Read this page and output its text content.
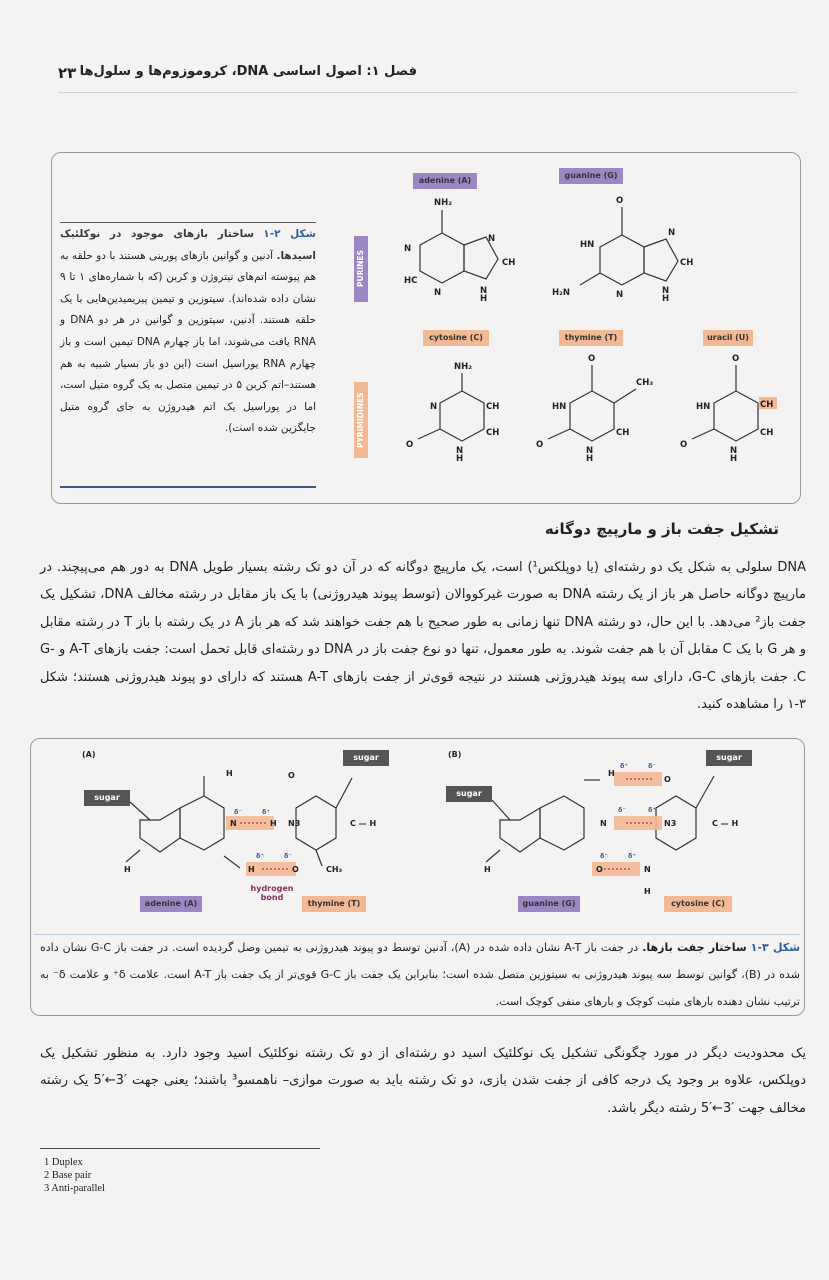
فصل ۱: اصول اساسی DNA، کروموزوم‌ها و سلول‌ها
۲۳
شکل ۲-۱ ساختار بازهای موجود در نوکلئیک اسیدها. آدنین و گوانین بازهای پورینی هستند با دو حلقه به هم پیوسته اتم‌های نیتروژن و کربن (که با شماره‌های ۱ تا ۹ نشان داده شده‌اند). سیتوزین و تیمین پیریمیدین‌هایی با یک حلقه هستند. آدنین، سیتوزین و گوانین در هر دو DNA و RNA یافت می‌شوند، اما باز چهارم DNA تیمین است و باز چهارم RNA یوراسیل است (این دو باز بسیار شبیه به هم هستند–اتم کربن ۵ در تیمین متصل به یک گروه متیل است، اما در یوراسیل یک اتم هیدروژن به جای گروه متیل جایگزین شده است).
PURINES
PYRIMIDINES
adenine (A)
guanine (G)
cytosine (C)	thymine (T)	uracil (U)
NH₂
N
HC
N
N
CH
N
H
O
HN
H₂N	N
N
CH
N
H
NH₂
N	CH
CH
O
N
H
O
CH₃
HN
CH
O
N
H
O
HN	CH
CH
O
N
H
تشکیل جفت باز و مارپیچ دوگانه
DNA سلولی به شکل یک دو رشته‌ای (یا دوپلکس¹) است، یک مارپیچ دوگانه که در آن دو تک رشته بسیار طویل DNA به دور هم می‌پیچند. در مارپیچ دوگانه حاصل هر باز از یک رشته DNA به صورت غیرکووالان (توسط پیوند هیدروژنی) با یک باز مقابل در رشته مخالف DNA، تشکیل یک جفت باز² می‌دهد. با این حال، دو رشته DNA تنها زمانی به طور صحیح با هم جفت خواهند شد که هر باز A در یک رشته با باز T در رشته مقابل و هر G با یک C مقابل آن با هم جفت شوند. به طور معمول، تنها دو نوع جفت باز در DNA دو رشته‌ای قابل تحمل است: جفت بازهای A-T و G-C. جفت بازهای G-C، دارای سه پیوند هیدروژنی هستند در نتیجه قوی‌تر از جفت بازهای A-T هستند که دارای دو پیوند هیدروژنی هستند؛ شکل ۳-۱ را مشاهده کنید.
(A)	(B)
sugar
sugar
sugar
sugar
adenine (A)	thymine (T)	guanine (G)	cytosine (C)
hydrogen bond
H	O
N	H N3	C — H
CH₃
H	O
H
H
O
N	N3	C — H
O	N
H
H
δ⁻	δ⁺
δ⁺	δ⁻
δ⁺	δ⁻
δ⁻	δ⁺
δ⁻	δ⁺
شکل ۳-۱ ساختار جفت بازها. در جفت باز A-T نشان داده شده در (A)، آدنین توسط دو پیوند هیدروژنی به تیمین وصل گردیده است. در جفت باز G-C نشان داده شده در (B)، گوانین توسط سه پیوند هیدروژنی به سیتوزین متصل شده است؛ بنابراین یک جفت باز G-C قوی‌تر از یک جفت باز A-T است. علامت δ⁺ و علامت δ⁻ به ترتیب نشان دهنده بارهای مثبت کوچک و بارهای منفی کوچک است.
یک محدودیت دیگر در مورد چگونگی تشکیل یک نوکلئیک اسید دو رشته‌ای از دو تک رشته نوکلئیک اسید وجود دارد. به منظور تشکیل یک دوپلکس، علاوه بر وجود یک درجه کافی از جفت شدن بازی، دو تک رشته باید به صورت موازی– ناهمسو³ باشند؛ یعنی جهت ′3←′5 یک رشته مخالف جهت ′3←′5 رشته دیگر باشد.
1 Duplex
2 Base pair
3 Anti-parallel
